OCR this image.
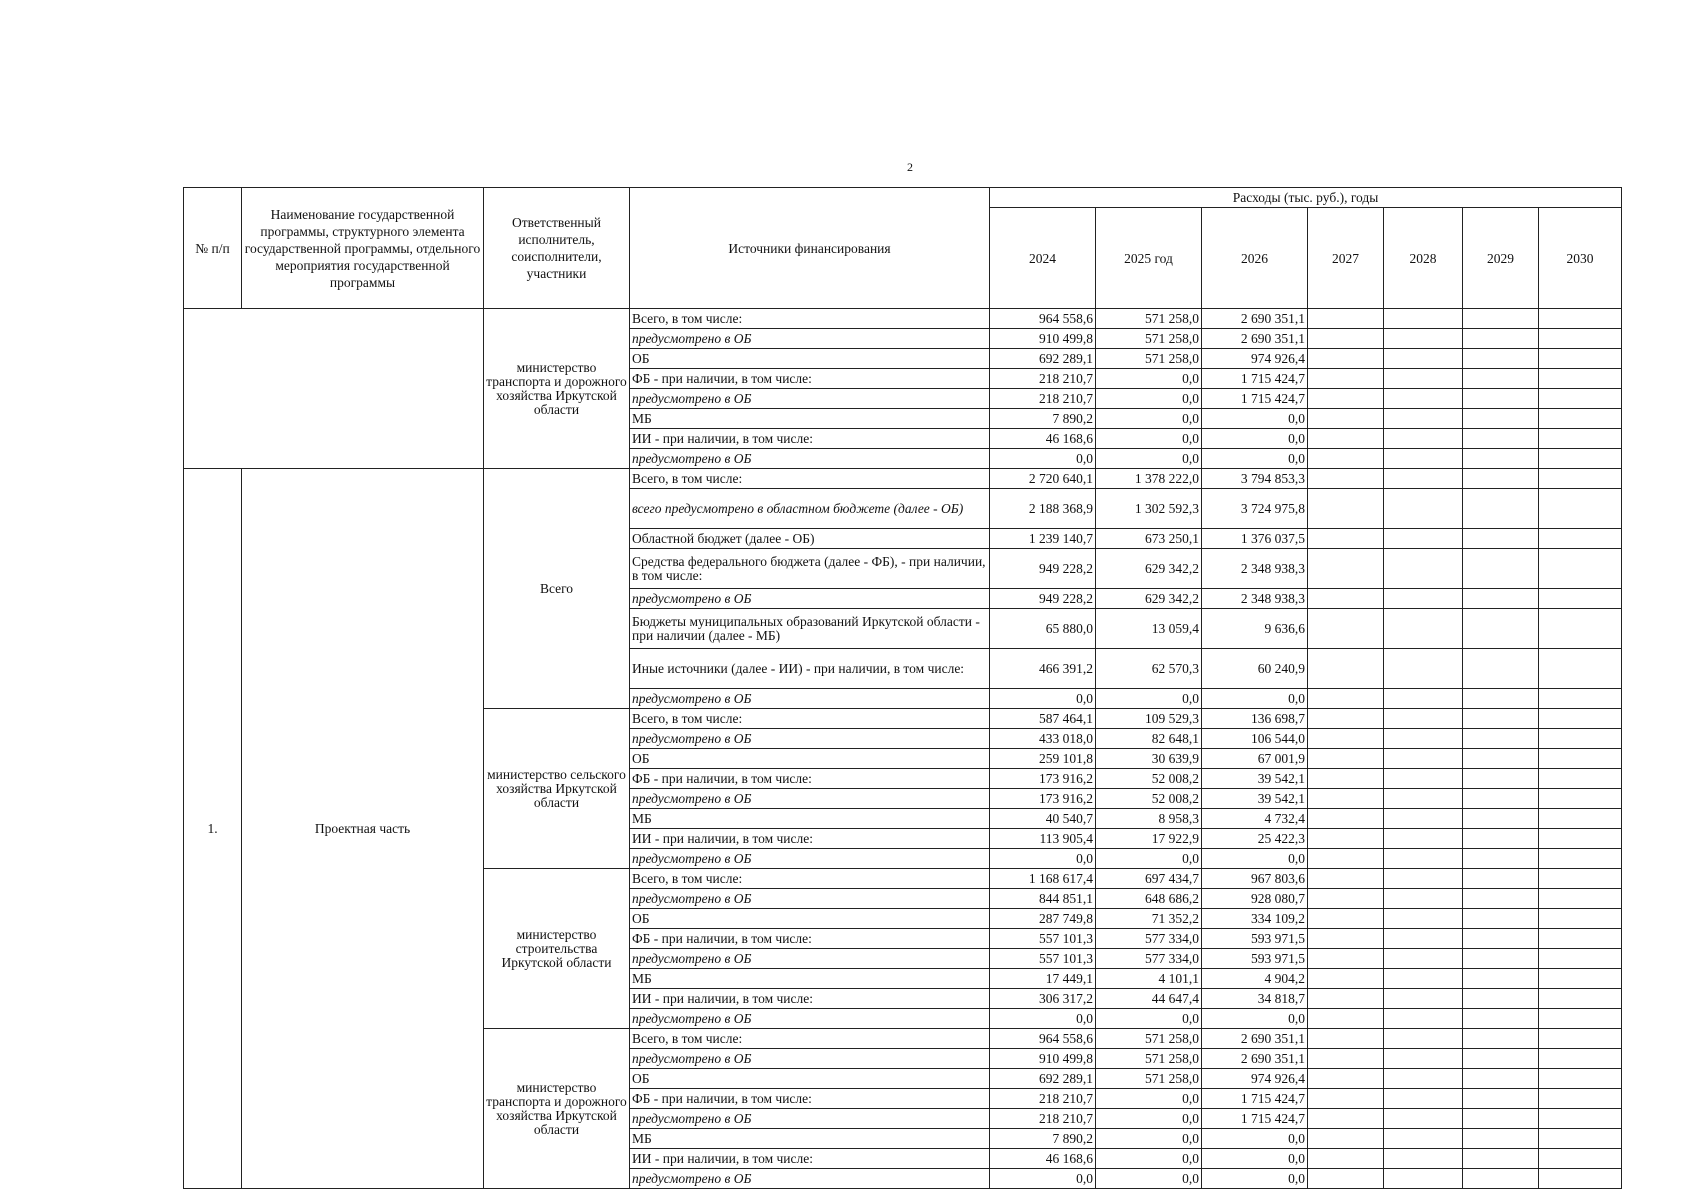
2
№ п/п	Наименование государственной программы, структурного элемента государственной программы, отдельного мероприятия государственной программы	Ответственный исполнитель, соисполнители, участники	Источники финансирования	Расходы (тыс. руб.), годы						
				2024	2025 год	2026	2027	2028	2029	2030
		министерство транспорта и дорожного хозяйства Иркутской области	Всего, в том числе:	964 558,6	571 258,0	2 690 351,1				
			предусмотрено в ОБ	910 499,8	571 258,0	2 690 351,1				
			ОБ	692 289,1	571 258,0	974 926,4				
			ФБ - при наличии, в том числе:	218 210,7	0,0	1 715 424,7				
			предусмотрено в ОБ	218 210,7	0,0	1 715 424,7				
			МБ	7 890,2	0,0	0,0				
			ИИ - при наличии, в том числе:	46 168,6	0,0	0,0				
			предусмотрено в ОБ	0,0	0,0	0,0				
1.	Проектная часть	Всего	Всего, в том числе:	2 720 640,1	1 378 222,0	3 794 853,3				
			всего предусмотрено в областном бюджете (далее - ОБ)	2 188 368,9	1 302 592,3	3 724 975,8				
			Областной бюджет (далее - ОБ)	1 239 140,7	673 250,1	1 376 037,5				
			Средства федерального бюджета (далее - ФБ), - при наличии, в том числе:	949 228,2	629 342,2	2 348 938,3				
			предусмотрено в ОБ	949 228,2	629 342,2	2 348 938,3				
			Бюджеты муниципальных образований Иркутской области - при наличии (далее - МБ)	65 880,0	13 059,4	9 636,6				
			Иные источники (далее - ИИ) - при наличии, в том числе:	466 391,2	62 570,3	60 240,9				
			предусмотрено в ОБ	0,0	0,0	0,0				
		министерство сельского хозяйства Иркутской области	Всего, в том числе:	587 464,1	109 529,3	136 698,7				
			предусмотрено в ОБ	433 018,0	82 648,1	106 544,0				
			ОБ	259 101,8	30 639,9	67 001,9				
			ФБ - при наличии, в том числе:	173 916,2	52 008,2	39 542,1				
			предусмотрено в ОБ	173 916,2	52 008,2	39 542,1				
			МБ	40 540,7	8 958,3	4 732,4				
			ИИ - при наличии, в том числе:	113 905,4	17 922,9	25 422,3				
			предусмотрено в ОБ	0,0	0,0	0,0				
		министерство строительства Иркутской области	Всего, в том числе:	1 168 617,4	697 434,7	967 803,6				
			предусмотрено в ОБ	844 851,1	648 686,2	928 080,7				
			ОБ	287 749,8	71 352,2	334 109,2				
			ФБ - при наличии, в том числе:	557 101,3	577 334,0	593 971,5				
			предусмотрено в ОБ	557 101,3	577 334,0	593 971,5				
			МБ	17 449,1	4 101,1	4 904,2				
			ИИ - при наличии, в том числе:	306 317,2	44 647,4	34 818,7				
			предусмотрено в ОБ	0,0	0,0	0,0				
		министерство транспорта и дорожного хозяйства Иркутской области	Всего, в том числе:	964 558,6	571 258,0	2 690 351,1				
			предусмотрено в ОБ	910 499,8	571 258,0	2 690 351,1				
			ОБ	692 289,1	571 258,0	974 926,4				
			ФБ - при наличии, в том числе:	218 210,7	0,0	1 715 424,7				
			предусмотрено в ОБ	218 210,7	0,0	1 715 424,7				
			МБ	7 890,2	0,0	0,0				
			ИИ - при наличии, в том числе:	46 168,6	0,0	0,0				
			предусмотрено в ОБ	0,0	0,0	0,0				
